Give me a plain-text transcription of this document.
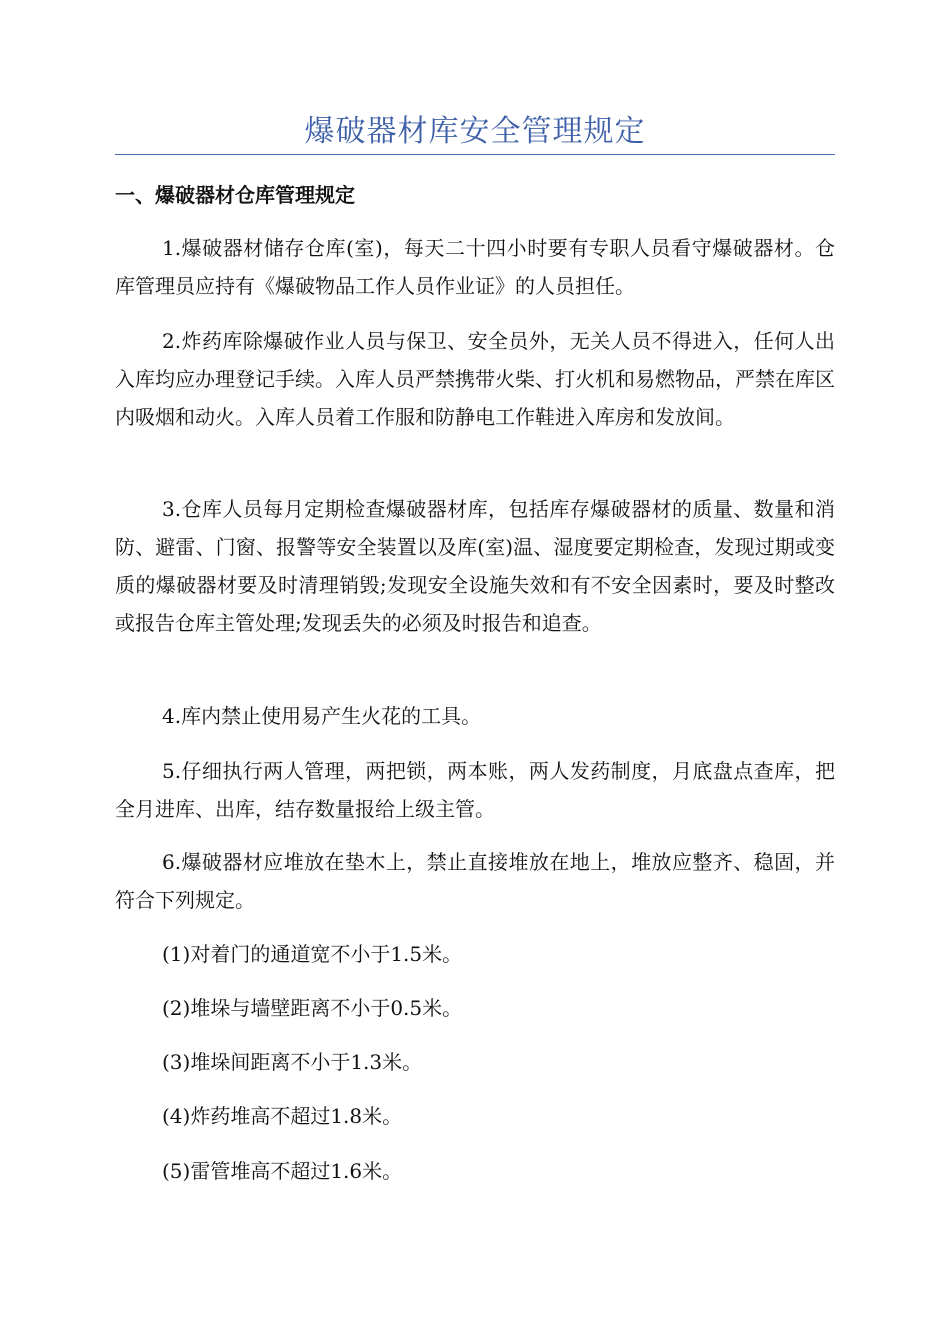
爆破器材库安全管理规定
一、爆破器材仓库管理规定
1.爆破器材储存仓库(室)，每天二十四小时要有专职人员看守爆破器材。仓库管理员应持有《爆破物品工作人员作业证》的人员担任。
2.炸药库除爆破作业人员与保卫、安全员外，无关人员不得进入，任何人出入库均应办理登记手续。入库人员严禁携带火柴、打火机和易燃物品，严禁在库区内吸烟和动火。入库人员着工作服和防静电工作鞋进入库房和发放间。
3.仓库人员每月定期检查爆破器材库，包括库存爆破器材的质量、数量和消防、避雷、门窗、报警等安全装置以及库(室)温、湿度要定期检查，发现过期或变质的爆破器材要及时清理销毁;发现安全设施失效和有不安全因素时，要及时整改或报告仓库主管处理;发现丢失的必须及时报告和追查。
4.库内禁止使用易产生火花的工具。
5.仔细执行两人管理，两把锁，两本账，两人发药制度，月底盘点查库，把全月进库、出库，结存数量报给上级主管。
6.爆破器材应堆放在垫木上，禁止直接堆放在地上，堆放应整齐、稳固，并符合下列规定。
(1)对着门的通道宽不小于1.5米。
(2)堆垛与墙壁距离不小于0.5米。
(3)堆垛间距离不小于1.3米。
(4)炸药堆高不超过1.8米。
(5)雷管堆高不超过1.6米。
